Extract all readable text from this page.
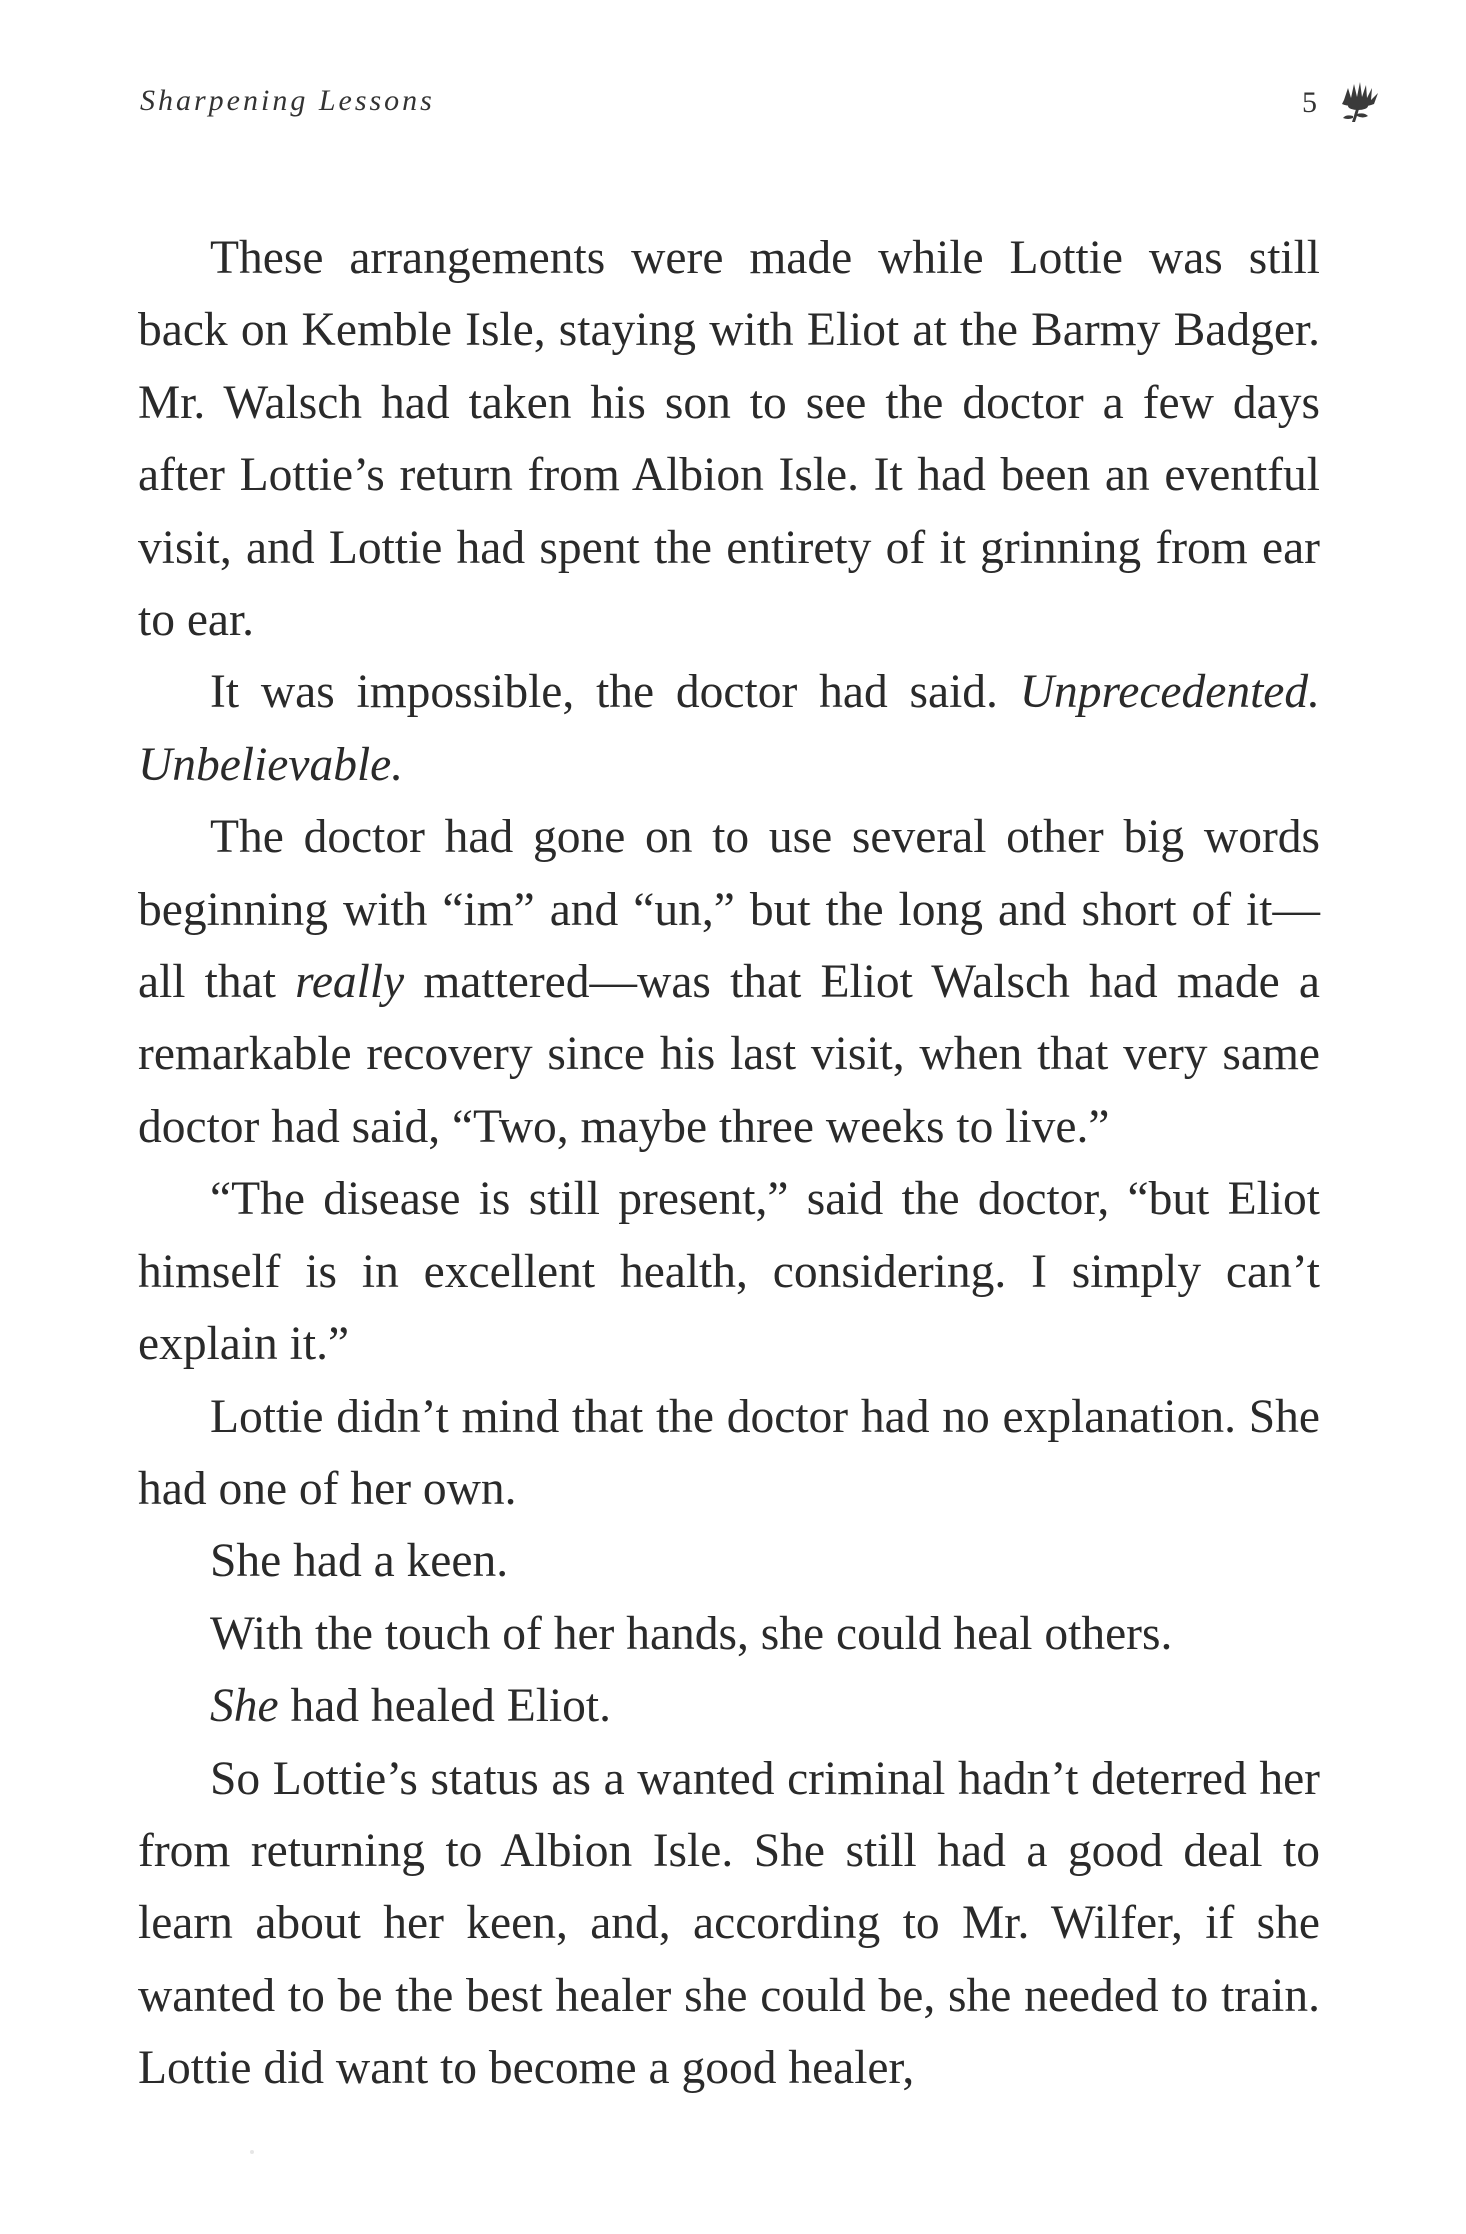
Sharpening Lessons	5

These arrangements were made while Lottie was still back on Kemble Isle, staying with Eliot at the Barmy Badger. Mr. Walsch had taken his son to see the doctor a few days after Lottie’s return from Albion Isle. It had been an eventful visit, and Lottie had spent the entirety of it grinning from ear to ear.

It was impossible, the doctor had said. Unprecedented. Unbelievable.

The doctor had gone on to use several other big words beginning with “im” and “un,” but the long and short of it—all that really mattered—was that Eliot Walsch had made a remarkable recovery since his last visit, when that very same doctor had said, “Two, maybe three weeks to live.”

“The disease is still present,” said the doctor, “but Eliot himself is in excellent health, considering. I simply can’t explain it.”

Lottie didn’t mind that the doctor had no explanation. She had one of her own.

She had a keen.

With the touch of her hands, she could heal others.

She had healed Eliot.

So Lottie’s status as a wanted criminal hadn’t deterred her from returning to Albion Isle. She still had a good deal to learn about her keen, and, according to Mr. Wilfer, if she wanted to be the best healer she could be, she needed to train. Lottie did want to become a good healer,
